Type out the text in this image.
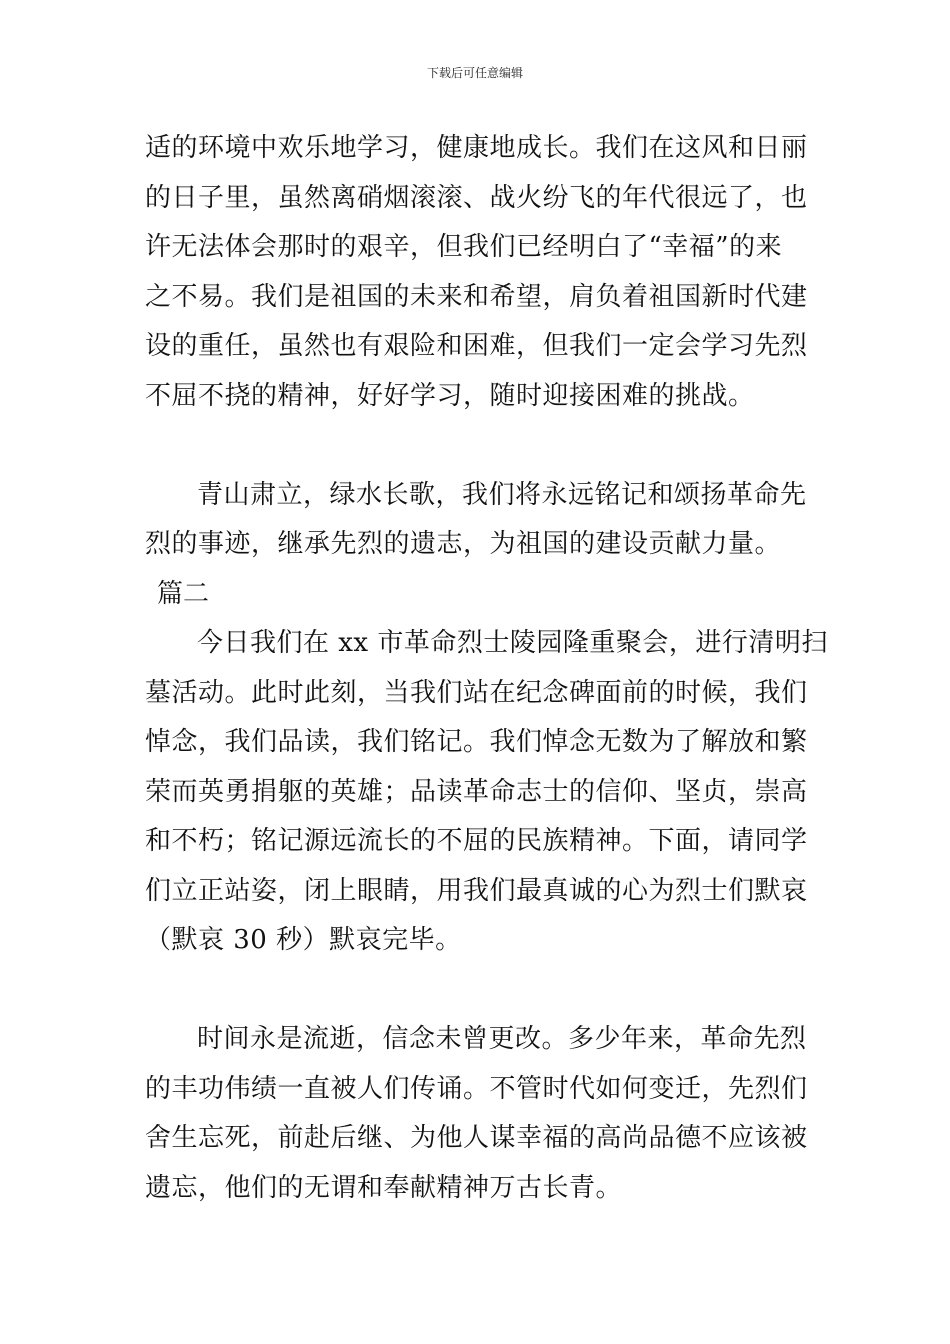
下载后可任意编辑
适的环境中欢乐地学习，健康地成长。我们在这风和日丽
的日子里，虽然离硝烟滚滚、战火纷飞的年代很远了，也
许无法体会那时的艰辛，但我们已经明白了“幸福”的来
之不易。我们是祖国的未来和希望，肩负着祖国新时代建
设的重任，虽然也有艰险和困难，但我们一定会学习先烈
不屈不挠的精神，好好学习，随时迎接困难的挑战。
青山肃立，绿水长歌，我们将永远铭记和颂扬革命先
烈的事迹，继承先烈的遗志，为祖国的建设贡献力量。
篇二
今日我们在 xx 市革命烈士陵园隆重聚会，进行清明扫
墓活动。此时此刻，当我们站在纪念碑面前的时候，我们
悼念，我们品读，我们铭记。我们悼念无数为了解放和繁
荣而英勇捐躯的英雄；品读革命志士的信仰、坚贞，崇高
和不朽；铭记源远流长的不屈的民族精神。下面，请同学
们立正站姿，闭上眼睛，用我们最真诚的心为烈士们默哀
（默哀 30 秒）默哀完毕。
时间永是流逝，信念未曾更改。多少年来，革命先烈
的丰功伟绩一直被人们传诵。不管时代如何变迁，先烈们
舍生忘死，前赴后继、为他人谋幸福的高尚品德不应该被
遗忘，他们的无谓和奉献精神万古长青。
